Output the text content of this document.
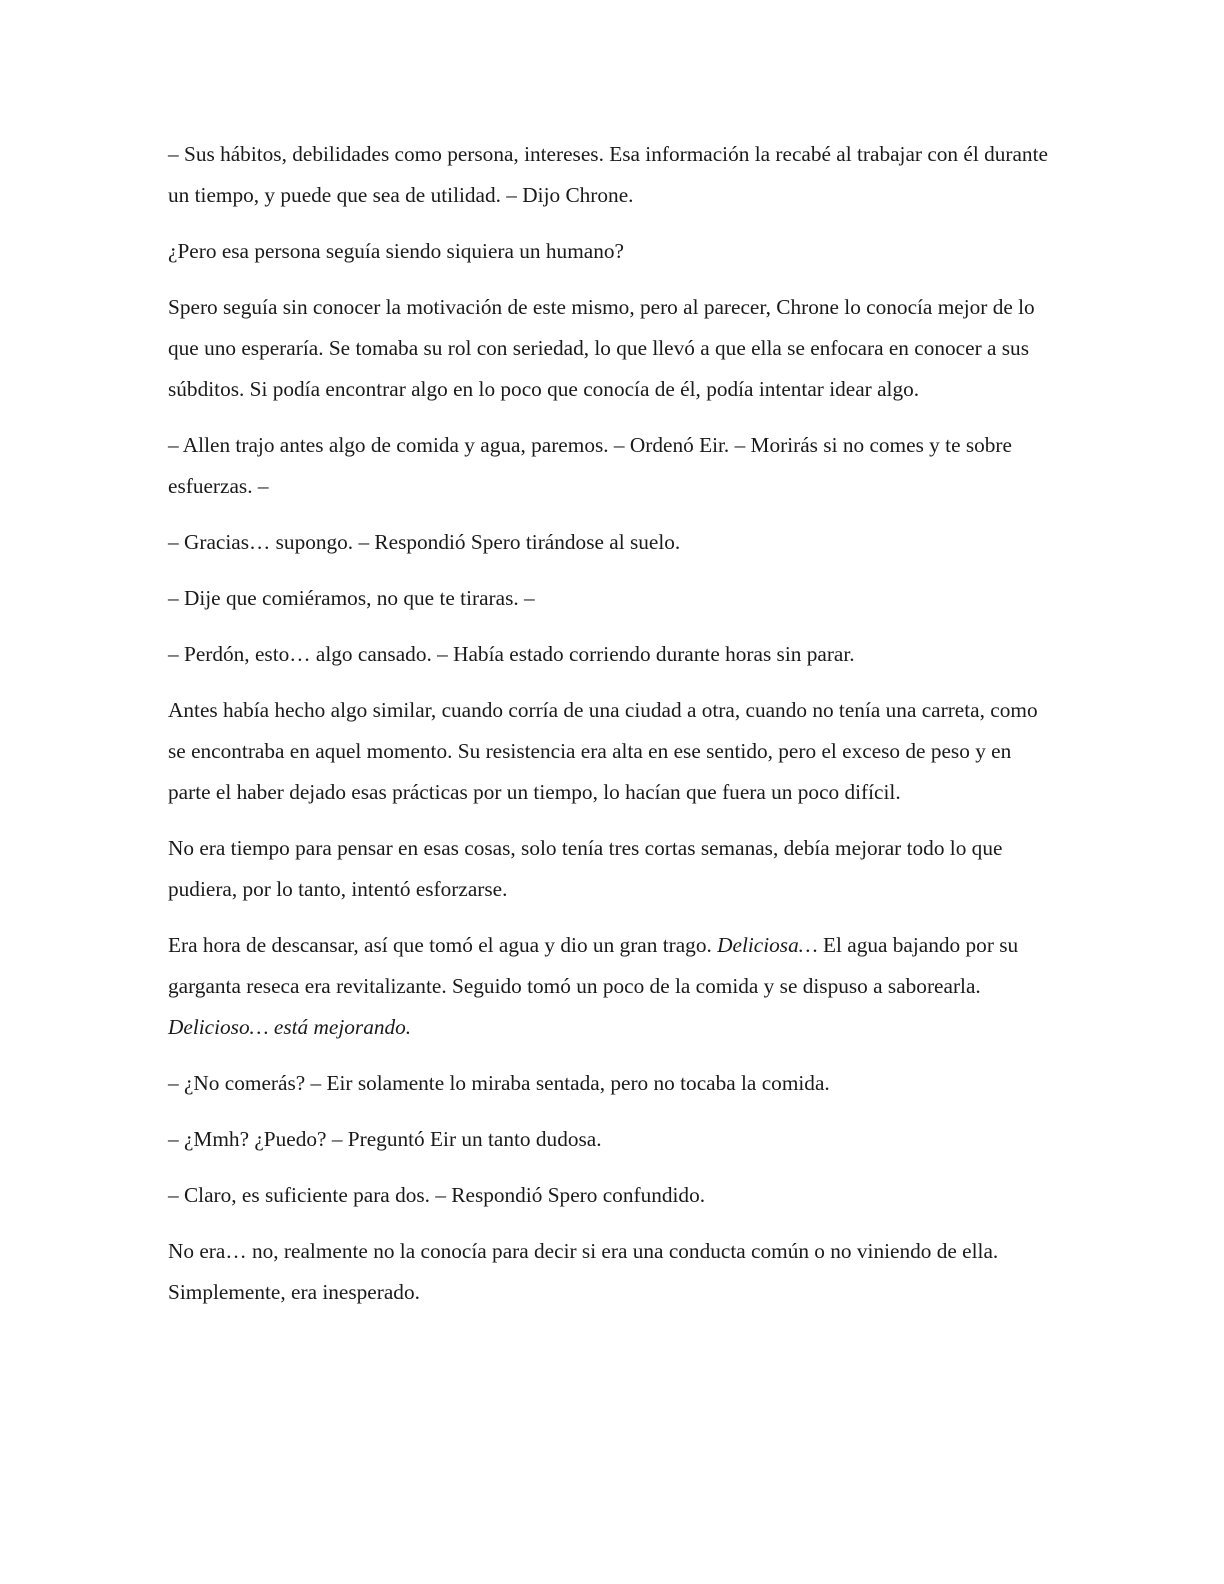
– Sus hábitos, debilidades como persona, intereses. Esa información la recabé al trabajar con él durante un tiempo, y puede que sea de utilidad. – Dijo Chrone.

¿Pero esa persona seguía siendo siquiera un humano?

Spero seguía sin conocer la motivación de este mismo, pero al parecer, Chrone lo conocía mejor de lo que uno esperaría. Se tomaba su rol con seriedad, lo que llevó a que ella se enfocara en conocer a sus súbditos. Si podía encontrar algo en lo poco que conocía de él, podía intentar idear algo.

– Allen trajo antes algo de comida y agua, paremos. – Ordenó Eir. – Morirás si no comes y te sobre esfuerzas. –

– Gracias… supongo. – Respondió Spero tirándose al suelo.

– Dije que comiéramos, no que te tiraras. –

– Perdón, esto… algo cansado. – Había estado corriendo durante horas sin parar.

Antes había hecho algo similar, cuando corría de una ciudad a otra, cuando no tenía una carreta, como se encontraba en aquel momento. Su resistencia era alta en ese sentido, pero el exceso de peso y en parte el haber dejado esas prácticas por un tiempo, lo hacían que fuera un poco difícil.

No era tiempo para pensar en esas cosas, solo tenía tres cortas semanas, debía mejorar todo lo que pudiera, por lo tanto, intentó esforzarse.

Era hora de descansar, así que tomó el agua y dio un gran trago. Deliciosa… El agua bajando por su garganta reseca era revitalizante. Seguido tomó un poco de la comida y se dispuso a saborearla. Delicioso… está mejorando.

– ¿No comerás? – Eir solamente lo miraba sentada, pero no tocaba la comida.

– ¿Mmh? ¿Puedo? – Preguntó Eir un tanto dudosa.

– Claro, es suficiente para dos. – Respondió Spero confundido.

No era… no, realmente no la conocía para decir si era una conducta común o no viniendo de ella. Simplemente, era inesperado.
